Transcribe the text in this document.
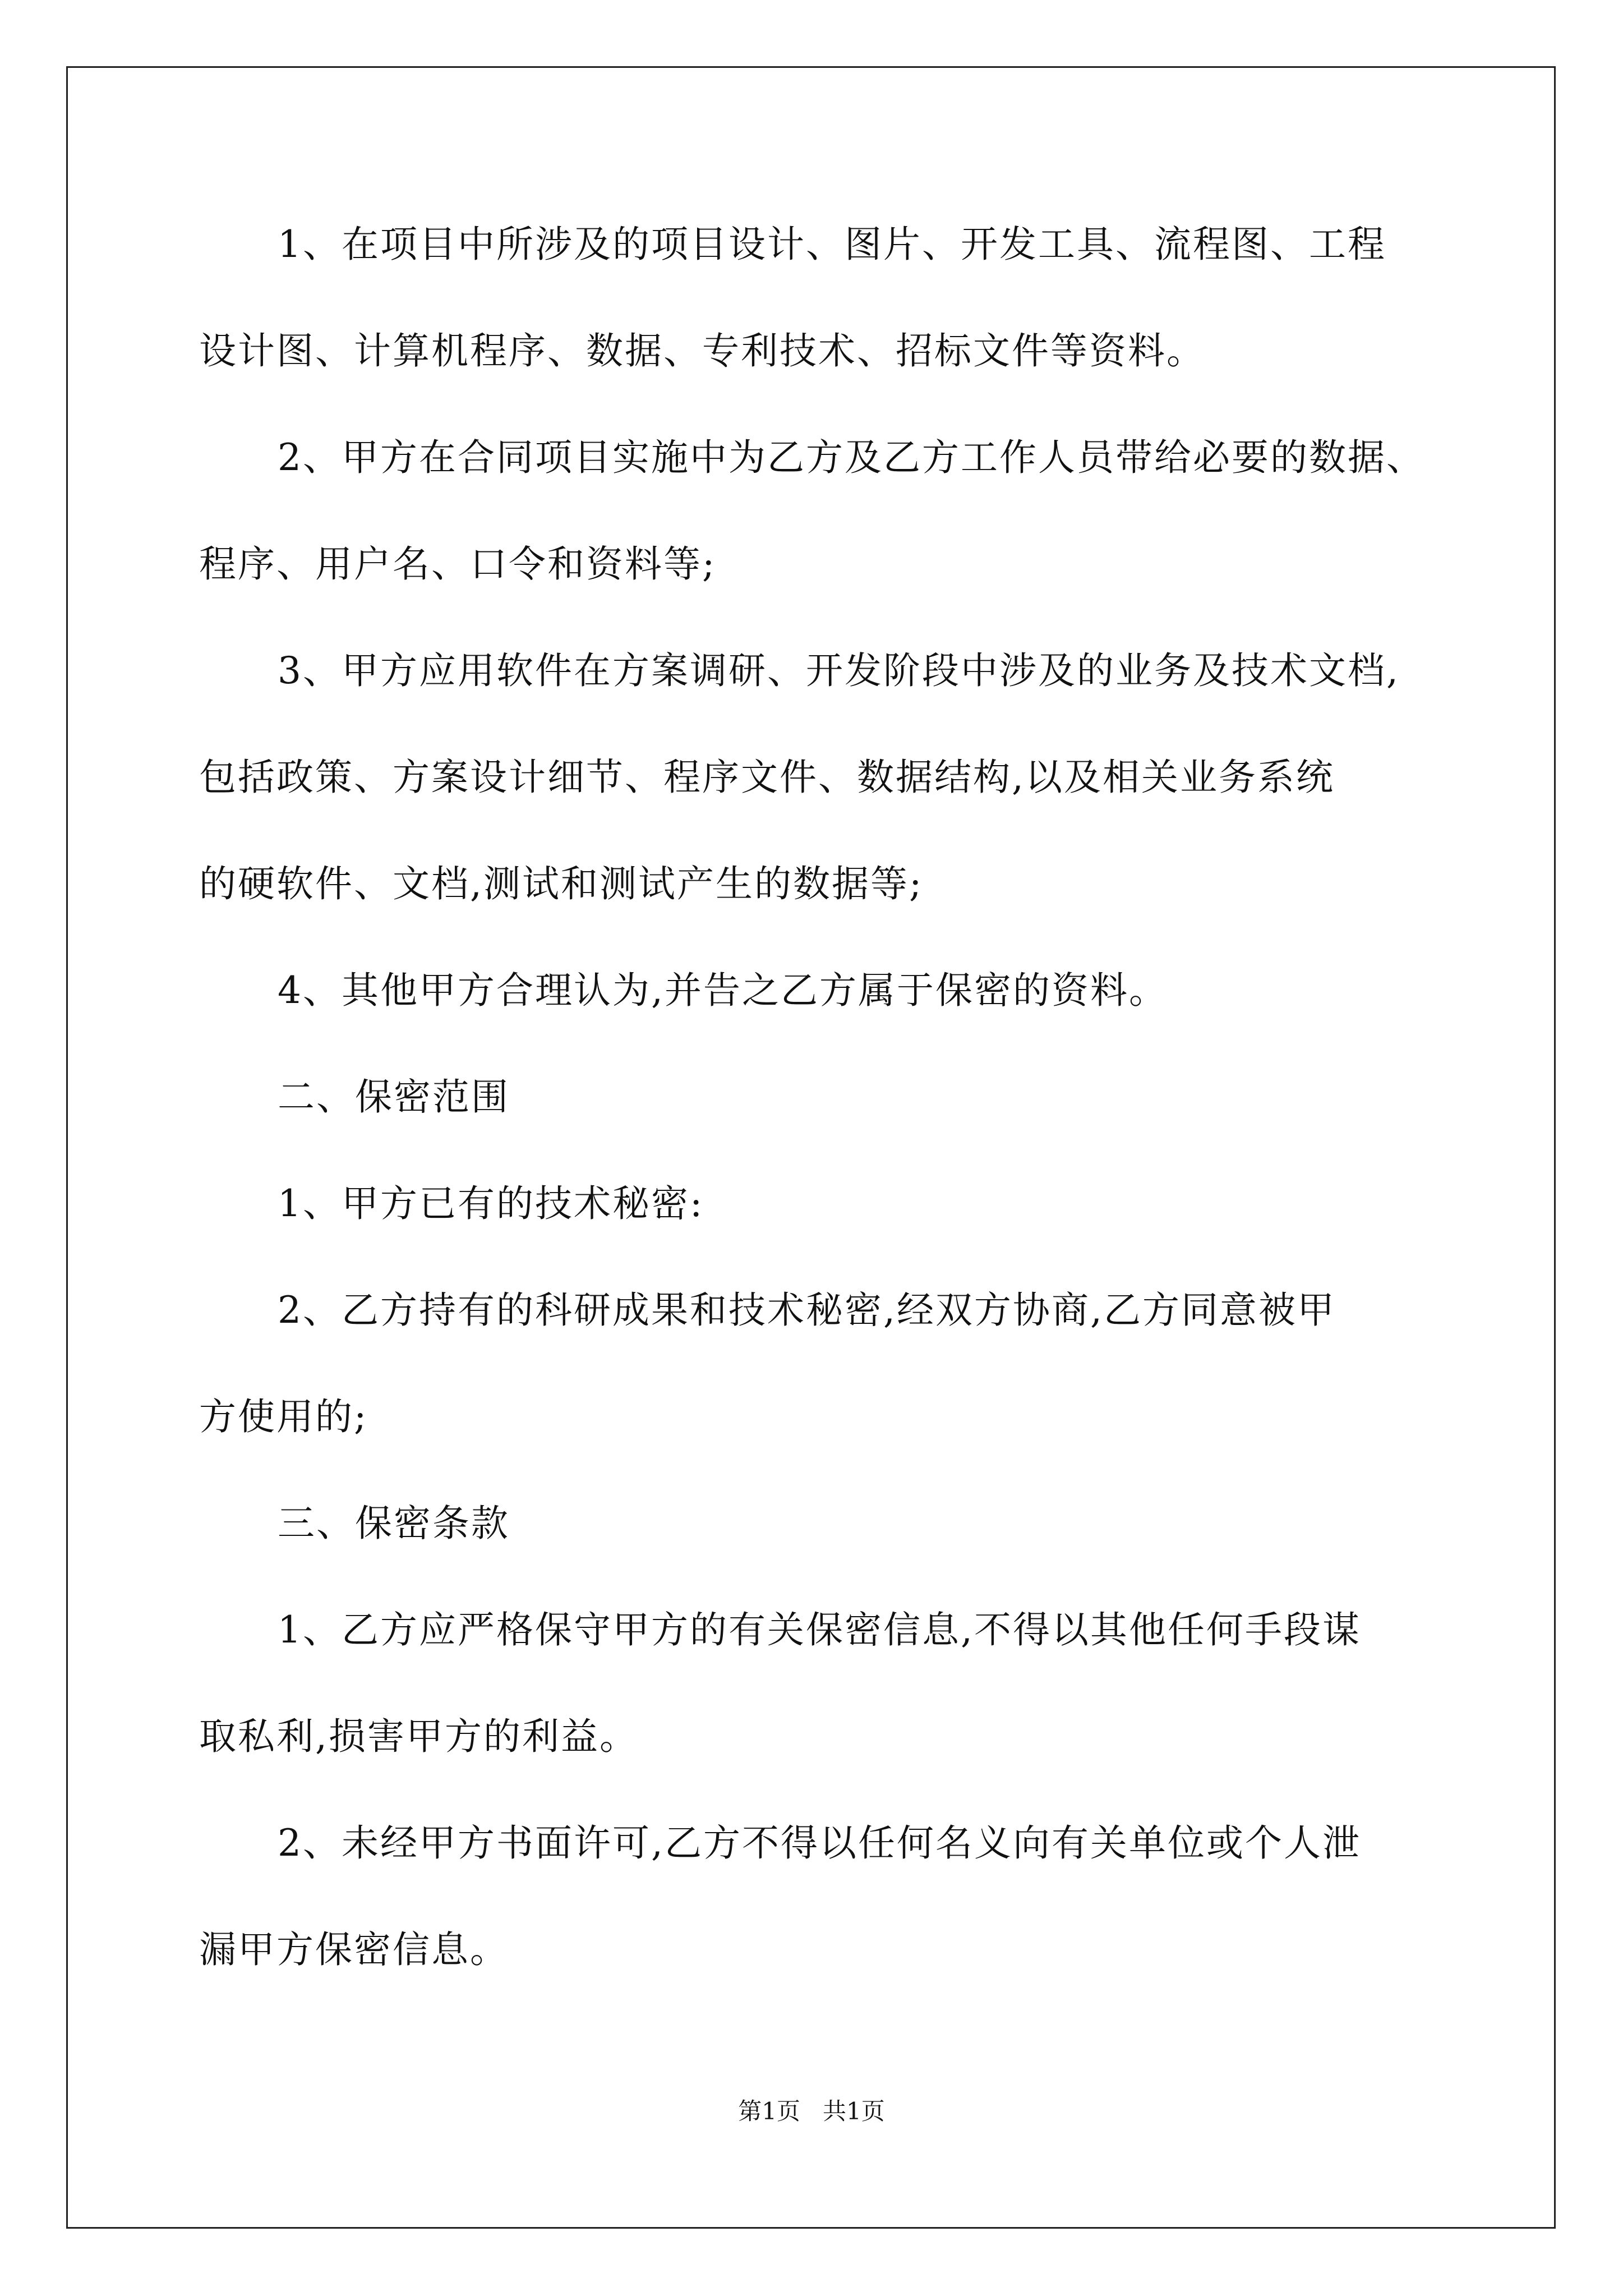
1、在项目中所涉及的项目设计、图片、开发工具、流程图、工程
设计图、计算机程序、数据、专利技术、招标文件等资料。

2、甲方在合同项目实施中为乙方及乙方工作人员带给必要的数据、
程序、用户名、口令和资料等;

3、甲方应用软件在方案调研、开发阶段中涉及的业务及技术文档,
包括政策、方案设计细节、程序文件、数据结构,以及相关业务系统
的硬软件、文档,测试和测试产生的数据等;

4、其他甲方合理认为,并告之乙方属于保密的资料。

二、保密范围

1、甲方已有的技术秘密:

2、乙方持有的科研成果和技术秘密,经双方协商,乙方同意被甲
方使用的;

三、保密条款

1、乙方应严格保守甲方的有关保密信息,不得以其他任何手段谋
取私利,损害甲方的利益。

2、未经甲方书面许可,乙方不得以任何名义向有关单位或个人泄
漏甲方保密信息。

第1页   共1页
